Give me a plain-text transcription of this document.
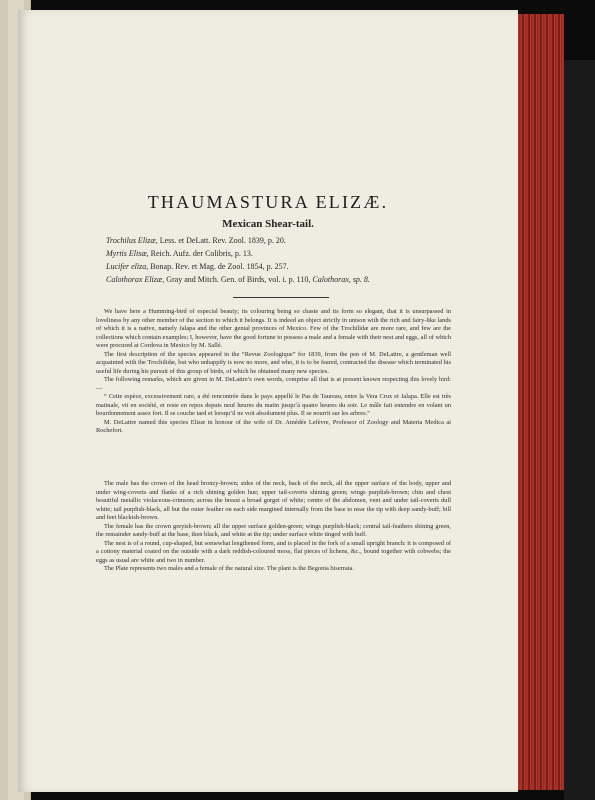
THAUMASTURA ELIZÆ.
Mexican Shear-tail.
Trochilus Elizæ, Less. et DeLatt. Rev. Zool. 1839, p. 20.
Myrtis Elisæ, Reich. Aufz. der Colibris, p. 13.
Lucifer eliza, Bonap. Rev. et Mag. de Zool. 1854, p. 257.
Calothorax Elizæ, Gray and Mitch. Gen. of Birds, vol. i. p. 110, Calothorax, sp. 8.

We have here a Humming-bird of especial beauty; its colouring being so chaste and its form so elegant, that it is unsurpassed in loveliness by any other member of the section to which it belongs. It is indeed an object strictly in unison with the rich and fairy-like lands of which it is a native, namely Jalapa and the other genial provinces of Mexico. Few of the Trochilidæ are more rare, and few are the collections which contain examples; I, however, have the good fortune to possess a male and a female with their nest and eggs, all of which were procured at Cordova in Mexico by M. Sallé.

The first description of the species appeared in the “Revue Zoologique” for 1839, from the pen of M. DeLattre, a gentleman well acquainted with the Trochilidæ, but who unhappily is now no more, and who, it is to be feared, contracted the disease which terminated his useful life during his pursuit of this group of birds, of which he obtained many new species.

The following remarks, which are given in M. DeLattre’s own words, comprise all that is at present known respecting this lovely bird:—

“ Cette espèce, excessivement rare, a été rencontrée dans le pays appellé le Pas de Taureau, entre la Vera Crux et Jalapa. Elle est très matinale, vit en société, et reste en repos depuis neuf heures du matin jusqu’à quatre heures du soir. Le mâle fait entendre en volant un bourdonnement assez fort. Il se couche tard et lorsqu’il ne voit absolument plus. Il se nourrit sur les arbres.”

M. DeLattre named this species Elizæ in honour of the wife of Dr. Amédée Lefèvre, Professor of Zoology and Materia Medica at Rochefort.

The male has the crown of the head bronzy-brown; sides of the neck, back of the neck, all the upper surface of the body, upper and under wing-coverts and flanks of a rich shining golden hue; upper tail-coverts shining green; wings purplish-brown; chin and chest beautiful metallic violaceous-crimson; across the breast a broad gorget of white; centre of the abdomen, vent and under tail-coverts dull white; tail purplish-black, all but the outer feather on each side margined internally from the base to near the tip with deep sandy-buff; bill and feet blackish-brown.

The female has the crown greyish-brown; all the upper surface golden-green; wings purplish-black; central tail-feathers shining green, the remainder sandy-buff at the base, then black, and white at the tip; under surface white tinged with buff.

The nest is of a round, cup-shaped, but somewhat lengthened form, and is placed in the fork of a small upright branch: it is composed of a cottony material coated on the outside with a dark reddish-coloured moss, flat pieces of lichens, &c., bound together with cobwebs; the eggs as usual are white and two in number.

The Plate represents two males and a female of the natural size. The plant is the Begonia biserrata.
